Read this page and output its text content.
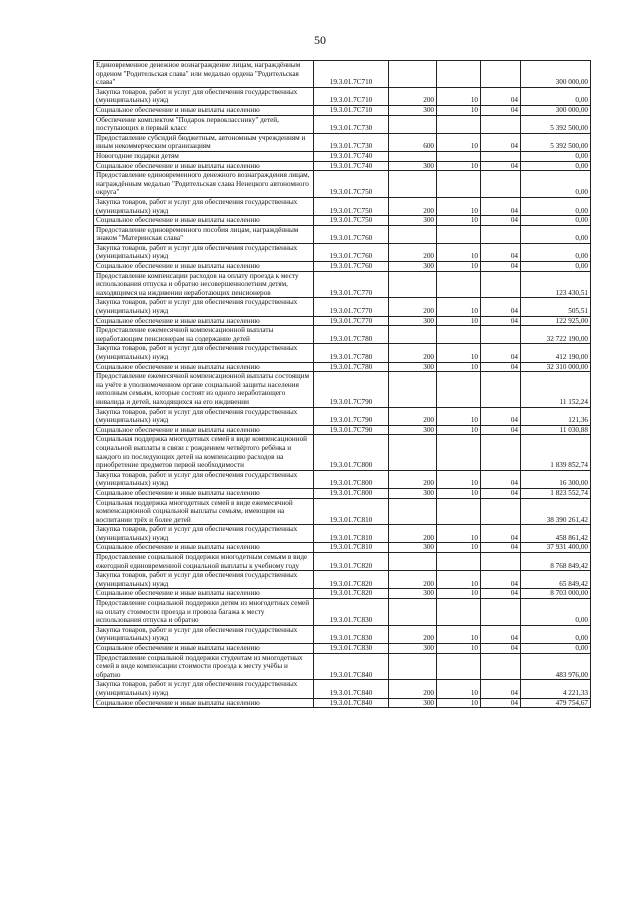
50
Единовременное денежное вознаграждение лицам, награждённым орденом "Родительская слава" или медалью ордена "Родительская слава"	19.3.01.7С710				300 000,00
Закупка товаров, работ и услуг для обеспечения государственных (муниципальных) нужд	19.3.01.7С710	200	10	04	0,00
Социальное обеспечение и иные выплаты населению	19.3.01.7С710	300	10	04	300 000,00
Обеспечение комплектом "Подарок первокласснику" детей, поступающих в первый класс	19.3.01.7С730				5 392 500,00
Предоставление субсидий бюджетным, автономным учреждениям и иным некоммерческим организациям	19.3.01.7С730	600	10	04	5 392 500,00
Новогодние подарки детям	19.3.01.7С740				0,00
Социальное обеспечение и иные выплаты населению	19.3.01.7С740	300	10	04	0,00
Предоставление единовременного денежного вознаграждения лицам, награждённым медалью "Родительская слава Ненецкого автономного округа"	19.3.01.7С750				0,00
Закупка товаров, работ и услуг для обеспечения государственных (муниципальных) нужд	19.3.01.7С750	200	10	04	0,00
Социальное обеспечение и иные выплаты населению	19.3.01.7С750	300	10	04	0,00
Предоставление единовременного пособия лицам, награждённым знаком "Материнская слава"	19.3.01.7С760				0,00
Закупка товаров, работ и услуг для обеспечения государственных (муниципальных) нужд	19.3.01.7С760	200	10	04	0,00
Социальное обеспечение и иные выплаты населению	19.3.01.7С760	300	10	04	0,00
Предоставление компенсации расходов на оплату проезда к месту использования отпуска и обратно несовершеннолетним детям, находящимся на иждивении неработающих пенсионеров	19.3.01.7С770				123 430,51
Закупка товаров, работ и услуг для обеспечения государственных (муниципальных) нужд	19.3.01.7С770	200	10	04	505,51
Социальное обеспечение и иные выплаты населению	19.3.01.7С770	300	10	04	122 925,00
Предоставление ежемесячной компенсационной выплаты неработающим пенсионерам на содержание детей	19.3.01.7С780				32 722 190,00
Закупка товаров, работ и услуг для обеспечения государственных (муниципальных) нужд	19.3.01.7С780	200	10	04	412 190,00
Социальное обеспечение и иные выплаты населению	19.3.01.7С780	300	10	04	32 310 000,00
Предоставление ежемесячной компенсационной выплаты состоящим на учёте в уполномоченном органе социальной защиты населения неполным семьям, которые состоят из одного неработающего инвалида и детей, находящихся на его иждивении	19.3.01.7С790				11 152,24
Закупка товаров, работ и услуг для обеспечения государственных (муниципальных) нужд	19.3.01.7С790	200	10	04	121,36
Социальное обеспечение и иные выплаты населению	19.3.01.7С790	300	10	04	11 030,88
Социальная поддержка многодетных семей в виде компенсационной социальной выплаты в связи с рождением четвёртого ребёнка и каждого из последующих детей на компенсацию расходов на приобретение предметов первой необходимости	19.3.01.7С800				1 839 852,74
Закупка товаров, работ и услуг для обеспечения государственных (муниципальных) нужд	19.3.01.7С800	200	10	04	16 300,00
Социальное обеспечение и иные выплаты населению	19.3.01.7С800	300	10	04	1 823 552,74
Социальная поддержка многодетных семей в виде ежемесячной компенсационной социальной выплаты семьям, имеющим на воспитании трёх и более детей	19.3.01.7С810				38 390 261,42
Закупка товаров, работ и услуг для обеспечения государственных (муниципальных) нужд	19.3.01.7С810	200	10	04	458 861,42
Социальное обеспечение и иные выплаты населению	19.3.01.7С810	300	10	04	37 931 400,00
Предоставление социальной поддержки многодетным семьям в виде ежегодной единовременной социальной выплаты к учебному году	19.3.01.7С820				8 768 849,42
Закупка товаров, работ и услуг для обеспечения государственных (муниципальных) нужд	19.3.01.7С820	200	10	04	65 849,42
Социальное обеспечение и иные выплаты населению	19.3.01.7С820	300	10	04	8 703 000,00
Предоставление социальной поддержки детям из многодетных семей на оплату стоимости проезда и провоза багажа к месту использования отпуска и обратно	19.3.01.7С830				0,00
Закупка товаров, работ и услуг для обеспечения государственных (муниципальных) нужд	19.3.01.7С830	200	10	04	0,00
Социальное обеспечение и иные выплаты населению	19.3.01.7С830	300	10	04	0,00
Предоставление социальной поддержки студентам из многодетных семей в виде компенсации стоимости проезда к месту учёбы и обратно	19.3.01.7С840				483 976,00
Закупка товаров, работ и услуг для обеспечения государственных (муниципальных) нужд	19.3.01.7С840	200	10	04	4 221,33
Социальное обеспечение и иные выплаты населению	19.3.01.7С840	300	10	04	479 754,67
